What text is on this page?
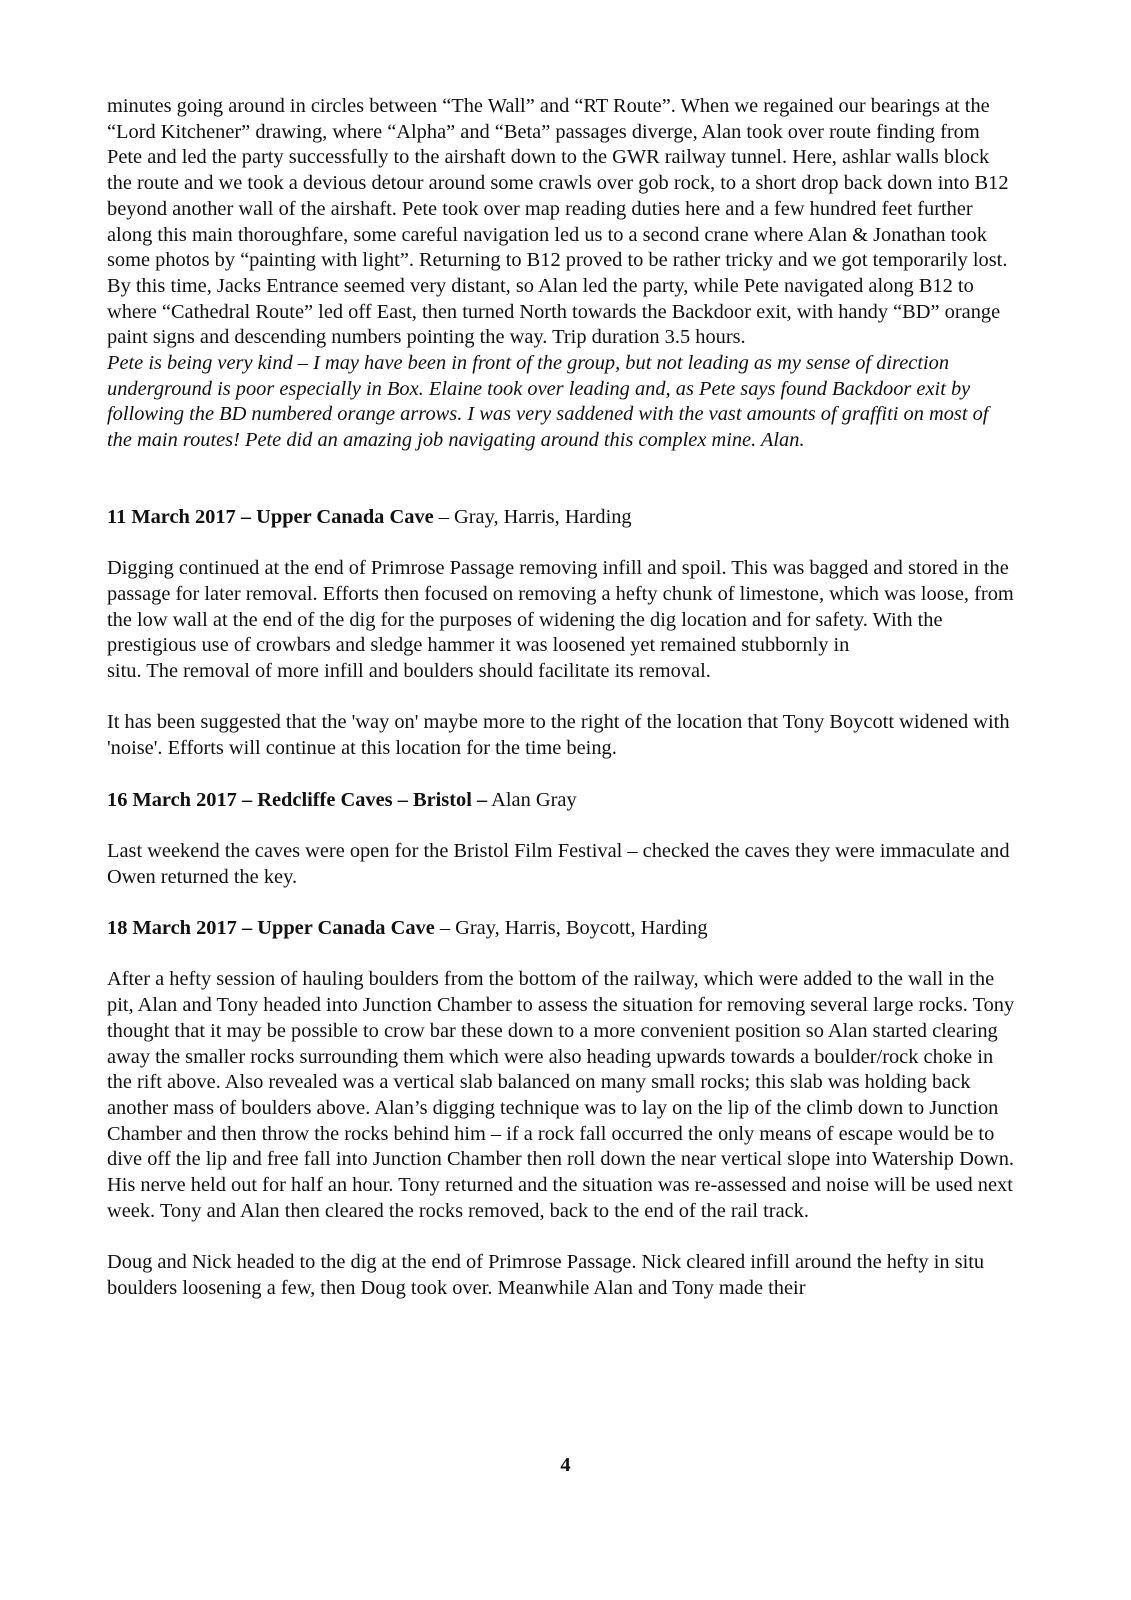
minutes going around in circles between “The Wall” and “RT Route”. When we regained our bearings at the “Lord Kitchener” drawing, where “Alpha” and “Beta” passages diverge, Alan took over route finding from Pete and led the party successfully to the airshaft down to the GWR railway tunnel. Here, ashlar walls block the route and we took a devious detour around some crawls over gob rock, to a short drop back down into B12 beyond another wall of the airshaft. Pete took over map reading duties here and a few hundred feet further along this main thoroughfare, some careful navigation led us to a second crane where Alan & Jonathan took some photos by “painting with light”. Returning to B12 proved to be rather tricky and we got temporarily lost. By this time, Jacks Entrance seemed very distant, so Alan led the party, while Pete navigated along B12 to where “Cathedral Route” led off East, then turned North towards the Backdoor exit, with handy “BD” orange paint signs and descending numbers pointing the way. Trip duration 3.5 hours.

Pete is being very kind – I may have been in front of the group, but not leading as my sense of direction underground is poor especially in Box. Elaine took over leading and, as Pete says found Backdoor exit by following the BD numbered orange arrows. I was very saddened with the vast amounts of graffiti on most of the main routes! Pete did an amazing job navigating around this complex mine. Alan.

11 March 2017 – Upper Canada Cave – Gray, Harris, Harding

Digging continued at the end of Primrose Passage removing infill and spoil. This was bagged and stored in the passage for later removal. Efforts then focused on removing a hefty chunk of limestone, which was loose, from the low wall at the end of the dig for the purposes of widening the dig location and for safety. With the prestigious use of crowbars and sledge hammer it was loosened yet remained stubbornly in

situ. The removal of more infill and boulders should facilitate its removal.

It has been suggested that the 'way on' maybe more to the right of the location that Tony Boycott widened with 'noise'. Efforts will continue at this location for the time being.

16 March 2017 – Redcliffe Caves – Bristol – Alan Gray

Last weekend the caves were open for the Bristol Film Festival – checked the caves they were immaculate and Owen returned the key.

18 March 2017 – Upper Canada Cave – Gray, Harris, Boycott, Harding

After a hefty session of hauling boulders from the bottom of the railway, which were added to the wall in the pit, Alan and Tony headed into Junction Chamber to assess the situation for removing several large rocks. Tony thought that it may be possible to crow bar these down to a more convenient position so Alan started clearing away the smaller rocks surrounding them which were also heading upwards towards a boulder/rock choke in the rift above. Also revealed was a vertical slab balanced on many small rocks; this slab was holding back another mass of boulders above. Alan’s digging technique was to lay on the lip of the climb down to Junction Chamber and then throw the rocks behind him – if a rock fall occurred the only means of escape would be to dive off the lip and free fall into Junction Chamber then roll down the near vertical slope into Watership Down. His nerve held out for half an hour. Tony returned and the situation was re-assessed and noise will be used next week. Tony and Alan then cleared the rocks removed, back to the end of the rail track.

Doug and Nick headed to the dig at the end of Primrose Passage. Nick cleared infill around the hefty in situ boulders loosening a few, then Doug took over. Meanwhile Alan and Tony made their

4
